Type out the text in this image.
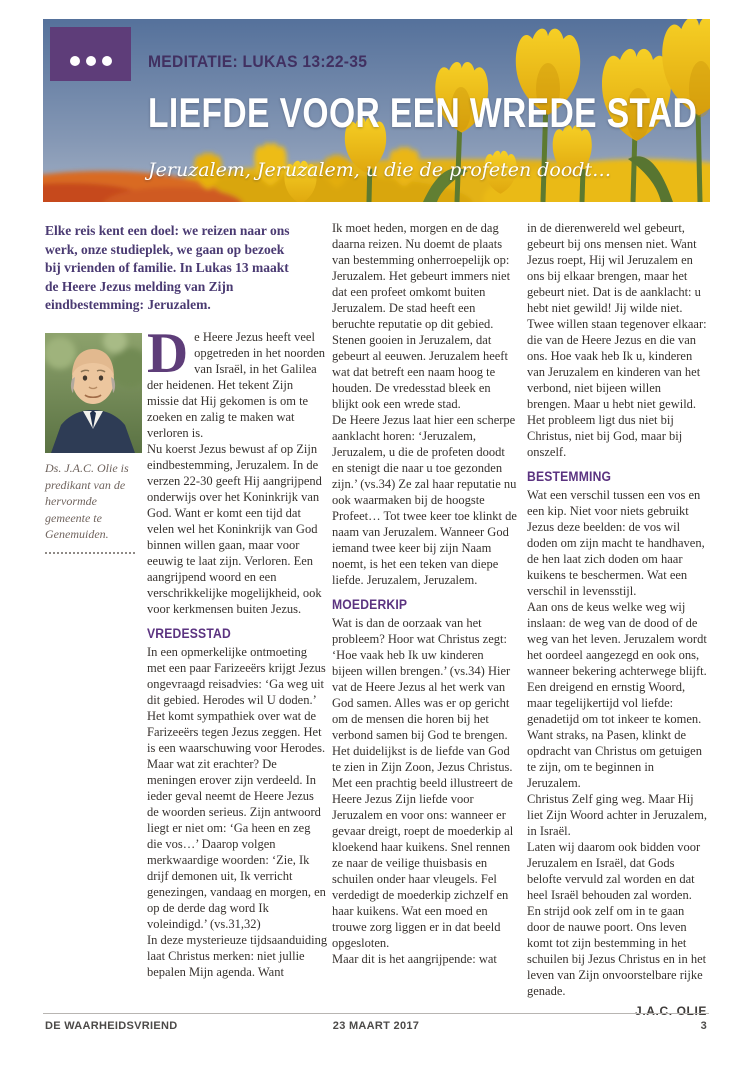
MEDITATIE: LUKAS 13:22-35
LIEFDE VOOR EEN WREDE STAD
Jeruzalem, Jeruzalem, u die de profeten doodt…
Elke reis kent een doel: we reizen naar ons werk, onze studieplek, we gaan op bezoek bij vrienden of familie. In Lukas 13 maakt de Heere Jezus melding van Zijn eindbestemming: Jeruzalem.
Ds. J.A.C. Olie is predikant van de hervormde gemeente te Genemuiden.

De Heere Jezus heeft veel opgetreden in het noorden van Israël, in het Galilea der heidenen. Het tekent Zijn missie dat Hij gekomen is om te zoeken en zalig te maken wat verloren is.

Nu koerst Jezus bewust af op Zijn eindbestemming, Jeruzalem. In de verzen 22-30 geeft Hij aangrijpend onderwijs over het Koninkrijk van God. Want er komt een tijd dat velen wel het Koninkrijk van God binnen willen gaan, maar voor eeuwig te laat zijn. Verloren. Een aangrijpend woord en een verschrikkelijke mogelijkheid, ook voor kerkmensen buiten Jezus.

VREDESSTAD

In een opmerkelijke ontmoeting met een paar Farizeeërs krijgt Jezus ongevraagd reisadvies: ‘Ga weg uit dit gebied. Herodes wil U doden.’

Het komt sympathiek over wat de Farizeeërs tegen Jezus zeggen. Het is een waarschuwing voor Herodes. Maar wat zit erachter? De meningen erover zijn verdeeld. In ieder geval neemt de Heere Jezus de woorden serieus. Zijn antwoord liegt er niet om: ‘Ga heen en zeg die vos…’ Daarop volgen merkwaardige woorden: ‘Zie, Ik drijf demonen uit, Ik verricht genezingen, vandaag en morgen, en op de derde dag word Ik voleindigd.’ (vs.31,32)

In deze mysterieuze tijdsaanduiding laat Christus merken: niet jullie bepalen Mijn agenda. Want

Ik moet heden, morgen en de dag daarna reizen. Nu doemt de plaats van bestemming onherroepelijk op: Jeruzalem. Het gebeurt immers niet dat een profeet omkomt buiten Jeruzalem. De stad heeft een beruchte reputatie op dit gebied. Stenen gooien in Jeruzalem, dat gebeurt al eeuwen. Jeruzalem heeft wat dat betreft een naam hoog te houden. De vredesstad bleek en blijkt ook een wrede stad.

De Heere Jezus laat hier een scherpe aanklacht horen: ‘Jeruzalem, Jeruzalem, u die de profeten doodt en stenigt die naar u toe gezonden zijn.’ (vs.34) Ze zal haar reputatie nu ook waarmaken bij de hoogste Profeet… Tot twee keer toe klinkt de naam van Jeruzalem. Wanneer God iemand twee keer bij zijn Naam noemt, is het een teken van diepe liefde. Jeruzalem, Jeruzalem.

MOEDERKIP

Wat is dan de oorzaak van het probleem? Hoor wat Christus zegt: ‘Hoe vaak heb Ik uw kinderen bijeen willen brengen.’ (vs.34) Hier vat de Heere Jezus al het werk van God samen. Alles was er op gericht om de mensen die horen bij het verbond samen bij God te brengen. Het duidelijkst is de liefde van God te zien in Zijn Zoon, Jezus Christus.

Met een prachtig beeld illustreert de Heere Jezus Zijn liefde voor Jeruzalem en voor ons: wanneer er gevaar dreigt, roept de moederkip al kloekend haar kuikens. Snel rennen ze naar de veilige thuisbasis en schuilen onder haar vleugels. Fel verdedigt de moederkip zichzelf en haar kuikens. Wat een moed en trouwe zorg liggen er in dat beeld opgesloten.

Maar dit is het aangrijpende: wat

in de dierenwereld wel gebeurt, gebeurt bij ons mensen niet. Want Jezus roept, Hij wil Jeruzalem en ons bij elkaar brengen, maar het gebeurt niet. Dat is de aanklacht: u hebt niet gewild! Jij wilde niet. Twee willen staan tegenover elkaar: die van de Heere Jezus en die van ons. Hoe vaak heb Ik u, kinderen van Jeruzalem en kinderen van het verbond, niet bijeen willen brengen. Maar u hebt niet gewild. Het probleem ligt dus niet bij Christus, niet bij God, maar bij onszelf.

BESTEMMING

Wat een verschil tussen een vos en een kip. Niet voor niets gebruikt Jezus deze beelden: de vos wil doden om zijn macht te handhaven, de hen laat zich doden om haar kuikens te beschermen. Wat een verschil in levensstijl.

Aan ons de keus welke weg wij inslaan: de weg van de dood of de weg van het leven. Jeruzalem wordt het oordeel aangezegd en ook ons, wanneer bekering achterwege blijft. Een dreigend en ernstig Woord, maar tegelijkertijd vol liefde: genadetijd om tot inkeer te komen. Want straks, na Pasen, klinkt de opdracht van Christus om getuigen te zijn, om te beginnen in Jeruzalem.

Christus Zelf ging weg. Maar Hij liet Zijn Woord achter in Jeruzalem, in Israël.

Laten wij daarom ook bidden voor Jeruzalem en Israël, dat Gods belofte vervuld zal worden en dat heel Israël behouden zal worden. En strijd ook zelf om in te gaan door de nauwe poort. Ons leven komt tot zijn bestemming in het schuilen bij Jezus Christus en in het leven van Zijn onvoorstelbare rijke genade.

J.A.C. OLIE
DE WAARHEIDSVRIEND	23 MAART 2017	3
